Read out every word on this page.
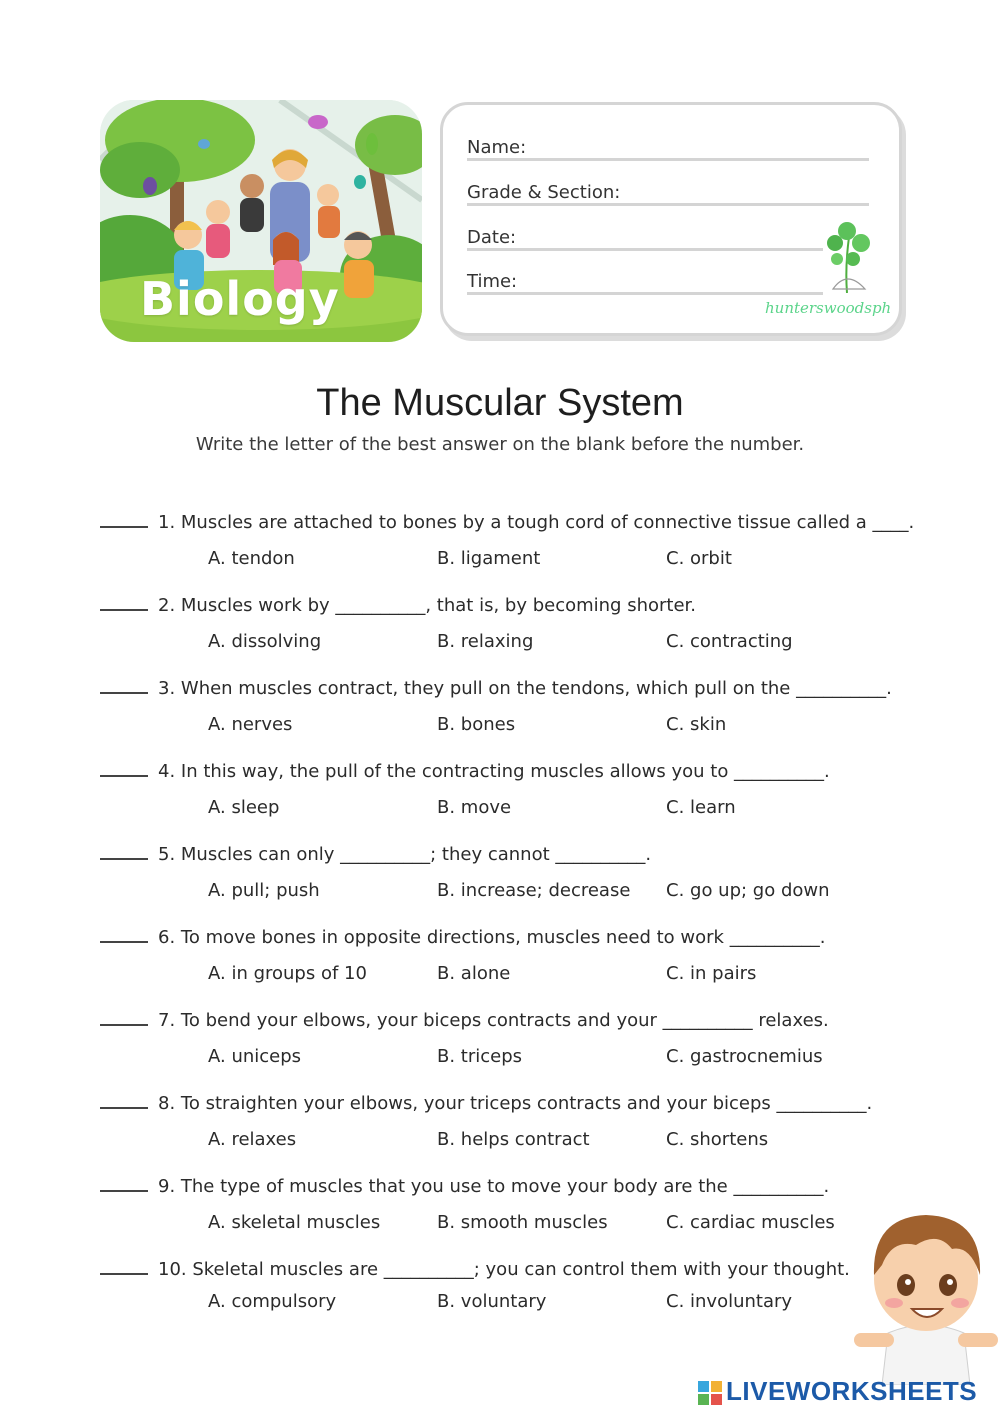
Biology
Name:
Grade & Section:
Date:
Time:
hunterswoodsph
The Muscular System
Write the letter of the best answer on the blank before the number.
1. Muscles are attached to bones by a tough cord of connective tissue called a ____.
A. tendon	B. ligament	C. orbit
2. Muscles work by __________, that is, by becoming shorter.
A. dissolving	B. relaxing	C. contracting
3. When muscles contract, they pull on the tendons, which pull on the __________.
A. nerves	B. bones	C. skin
4. In this way, the pull of the contracting muscles allows you to __________.
A. sleep	B. move	C. learn
5. Muscles can only __________; they cannot __________.
A. pull; push	B. increase; decrease C. go up; go down
6. To move bones in opposite directions, muscles need to work __________.
A. in groups of 10	B. alone	C. in pairs
7. To bend your elbows, your biceps contracts and your __________ relaxes.
A. uniceps	B. triceps	C. gastrocnemius
8. To straighten your elbows, your triceps contracts and your biceps __________.
A. relaxes	B. helps contract	C. shortens
9. The type of muscles that you use to move your body are the __________.
A. skeletal muscles	B. smooth muscles	C. cardiac muscles
10. Skeletal muscles are __________; you can control them with your thought.
A. compulsory	B. voluntary	C. involuntary
LIVEWORKSHEETS
